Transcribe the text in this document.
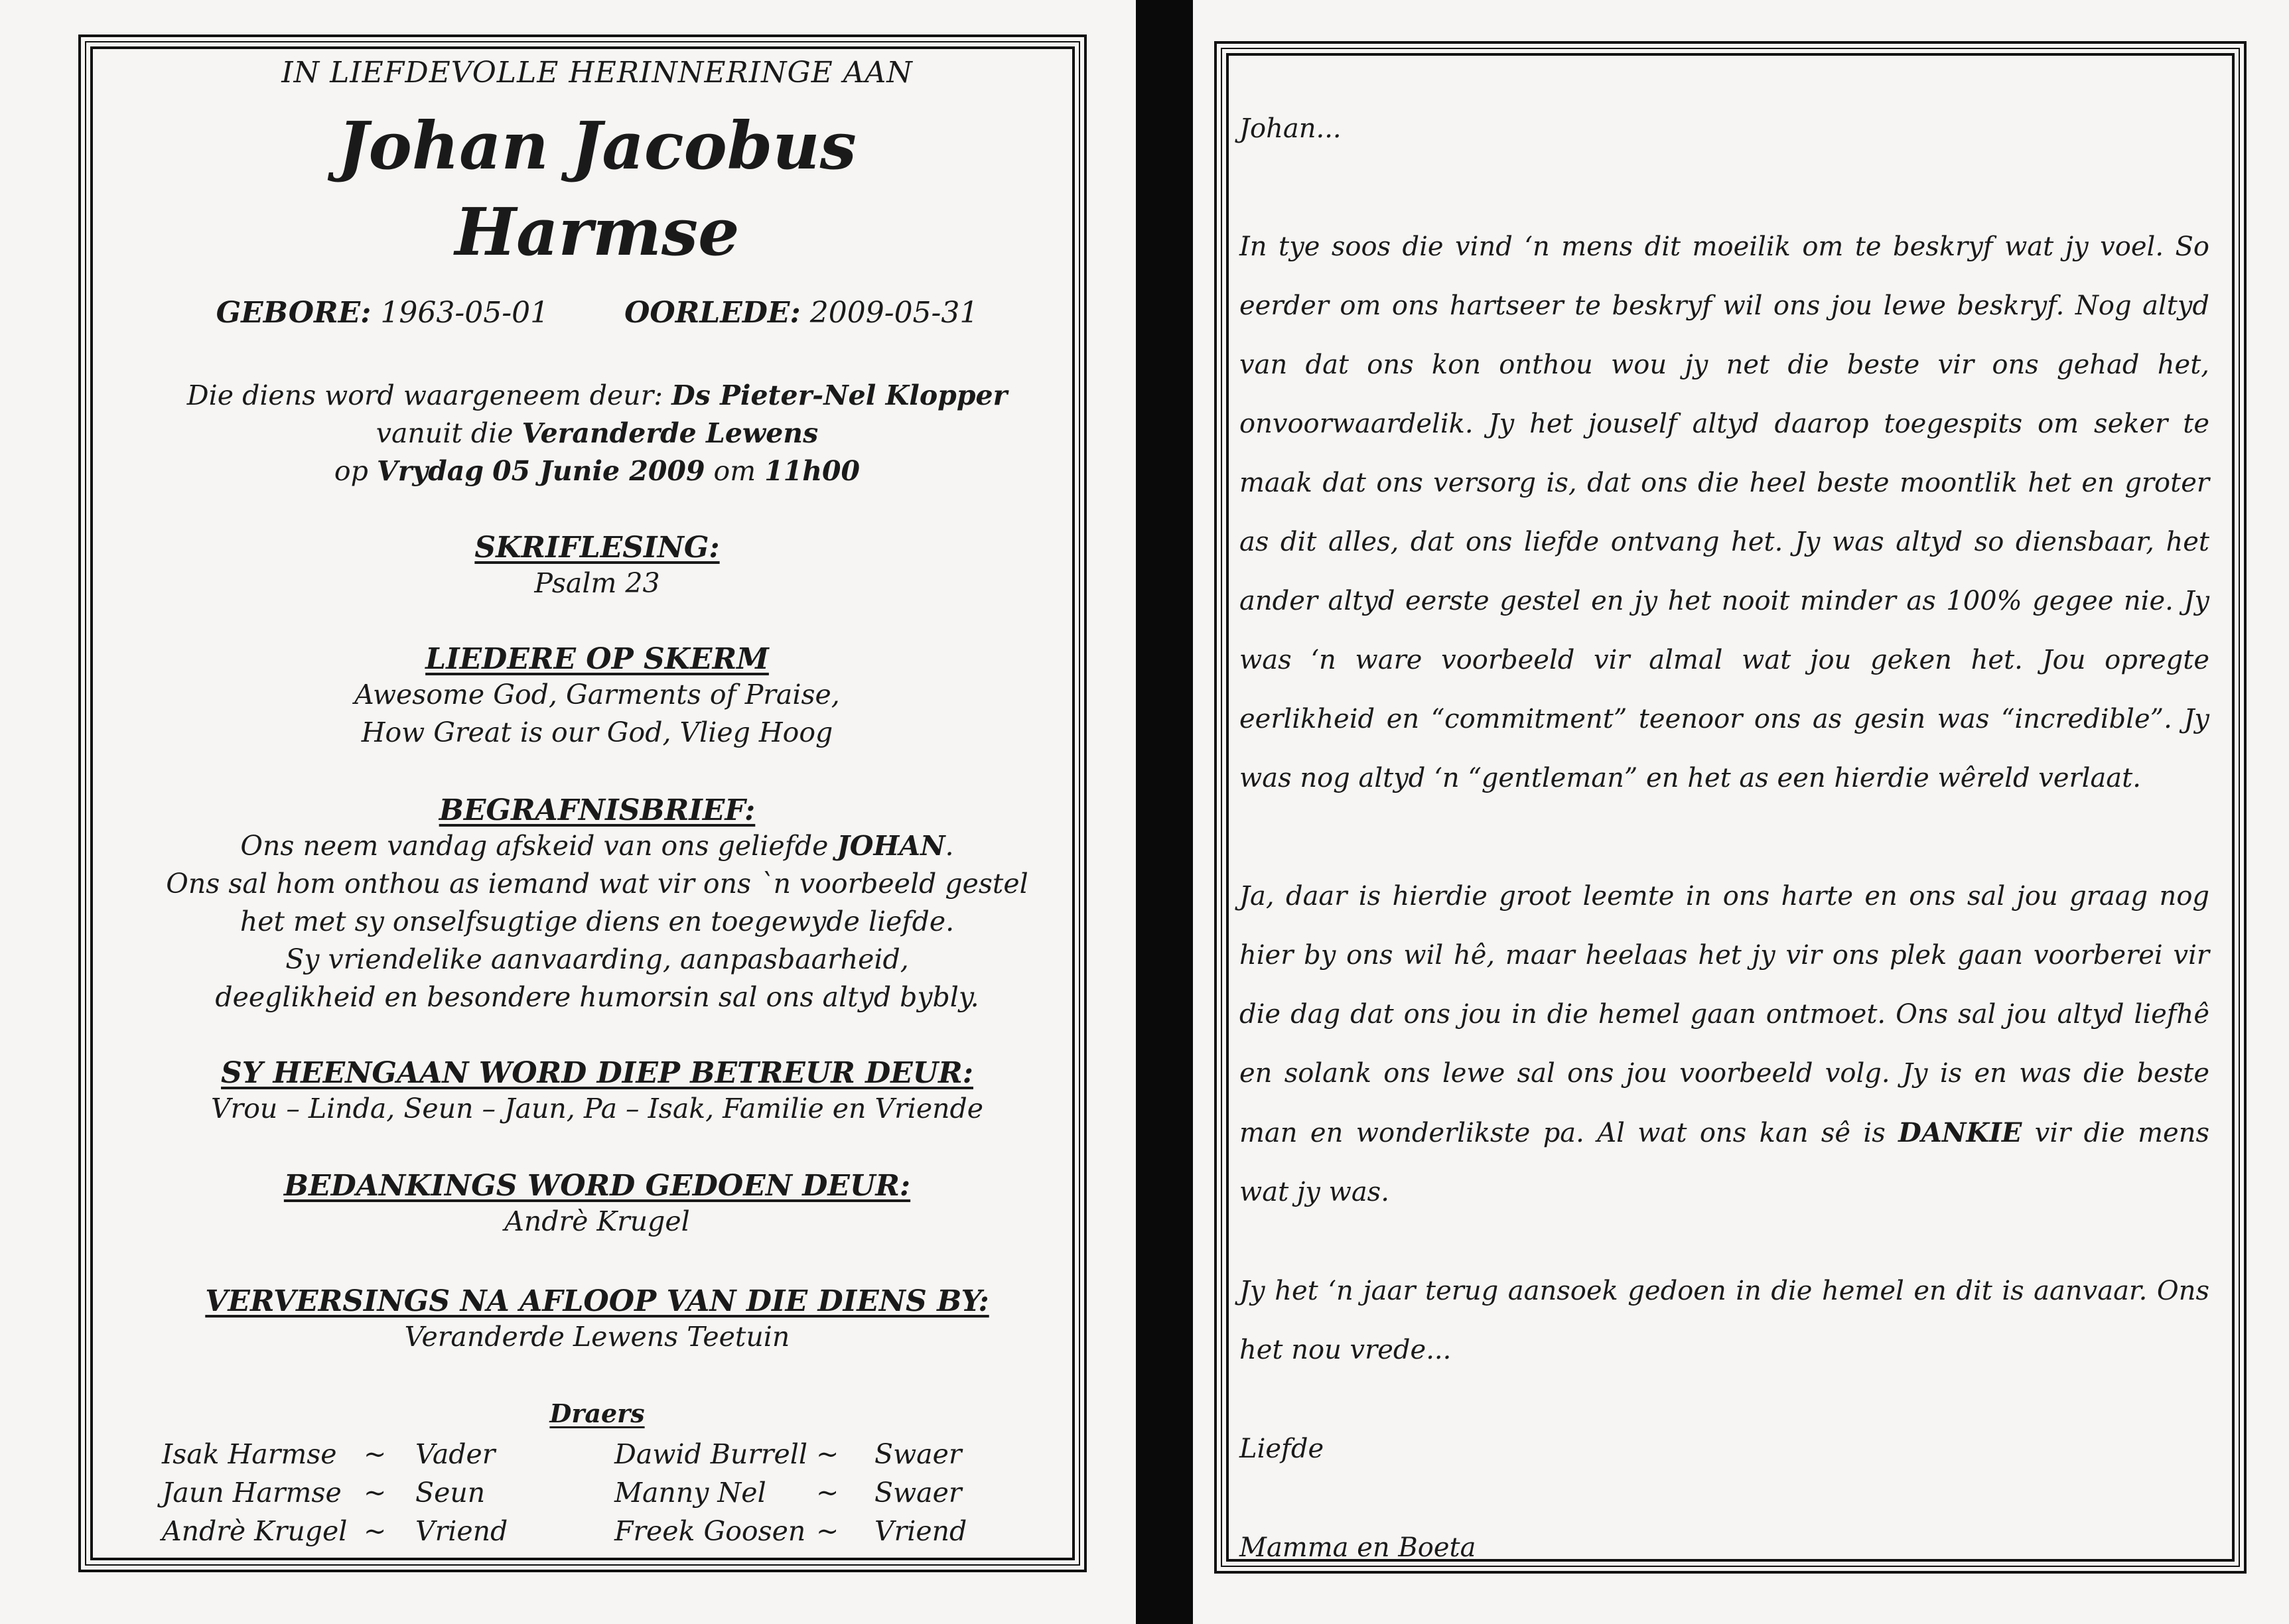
IN LIEFDEVOLLE HERINNERINGE AAN
Johan Jacobus
Harmse
GEBORE: 1963-05-01	OORLEDE: 2009-05-31
Die diens word waargeneem deur: Ds Pieter-Nel Klopper
vanuit die Veranderde Lewens
op Vrydag 05 Junie 2009 om 11h00
SKRIFLESING:
Psalm 23
LIEDERE OP SKERM
Awesome God, Garments of Praise,
How Great is our God, Vlieg Hoog
BEGRAFNISBRIEF:
Ons neem vandag afskeid van ons geliefde JOHAN.
Ons sal hom onthou as iemand wat vir ons `n voorbeeld gestel
het met sy onselfsugtige diens en toegewyde liefde.
Sy vriendelike aanvaarding, aanpasbaarheid,
deeglikheid en besondere humorsin sal ons altyd bybly.
SY HEENGAAN WORD DIEP BETREUR DEUR:
Vrou – Linda, Seun – Jaun, Pa – Isak, Familie en Vriende
BEDANKINGS WORD GEDOEN DEUR:
Andrè Krugel
VERVERSINGS NA AFLOOP VAN DIE DIENS BY:
Veranderde Lewens Teetuin
Draers
Isak Harmse ~ Vader	Dawid Burrell ~ Swaer
Jaun Harmse ~ Seun	Manny Nel ~ Swaer
Andrè Krugel ~ Vriend	Freek Goosen ~ Vriend

Johan...

In tye soos die vind ‘n mens dit moeilik om te beskryf wat jy voel. So eerder om ons hartseer te beskryf wil ons jou lewe beskryf. Nog altyd van dat ons kon onthou wou jy net die beste vir ons gehad het, onvoorwaardelik. Jy het jouself altyd daarop toegespits om seker te maak dat ons versorg is, dat ons die heel beste moontlik het en groter as dit alles, dat ons liefde ontvang het. Jy was altyd so diensbaar, het ander altyd eerste gestel en jy het nooit minder as 100% gegee nie. Jy was ‘n ware voorbeeld vir almal wat jou geken het. Jou opregte eerlikheid en “commitment” teenoor ons as gesin was “incredible”. Jy was nog altyd ‘n “gentleman” en het as een hierdie wêreld verlaat.

Ja, daar is hierdie groot leemte in ons harte en ons sal jou graag nog hier by ons wil hê, maar heelaas het jy vir ons plek gaan voorberei vir die dag dat ons jou in die hemel gaan ontmoet. Ons sal jou altyd liefhê en solank ons lewe sal ons jou voorbeeld volg. Jy is en was die beste man en wonderlikste pa. Al wat ons kan sê is DANKIE vir die mens wat jy was.

Jy het ‘n jaar terug aansoek gedoen in die hemel en dit is aanvaar. Ons het nou vrede...

Liefde

Mamma en Boeta
